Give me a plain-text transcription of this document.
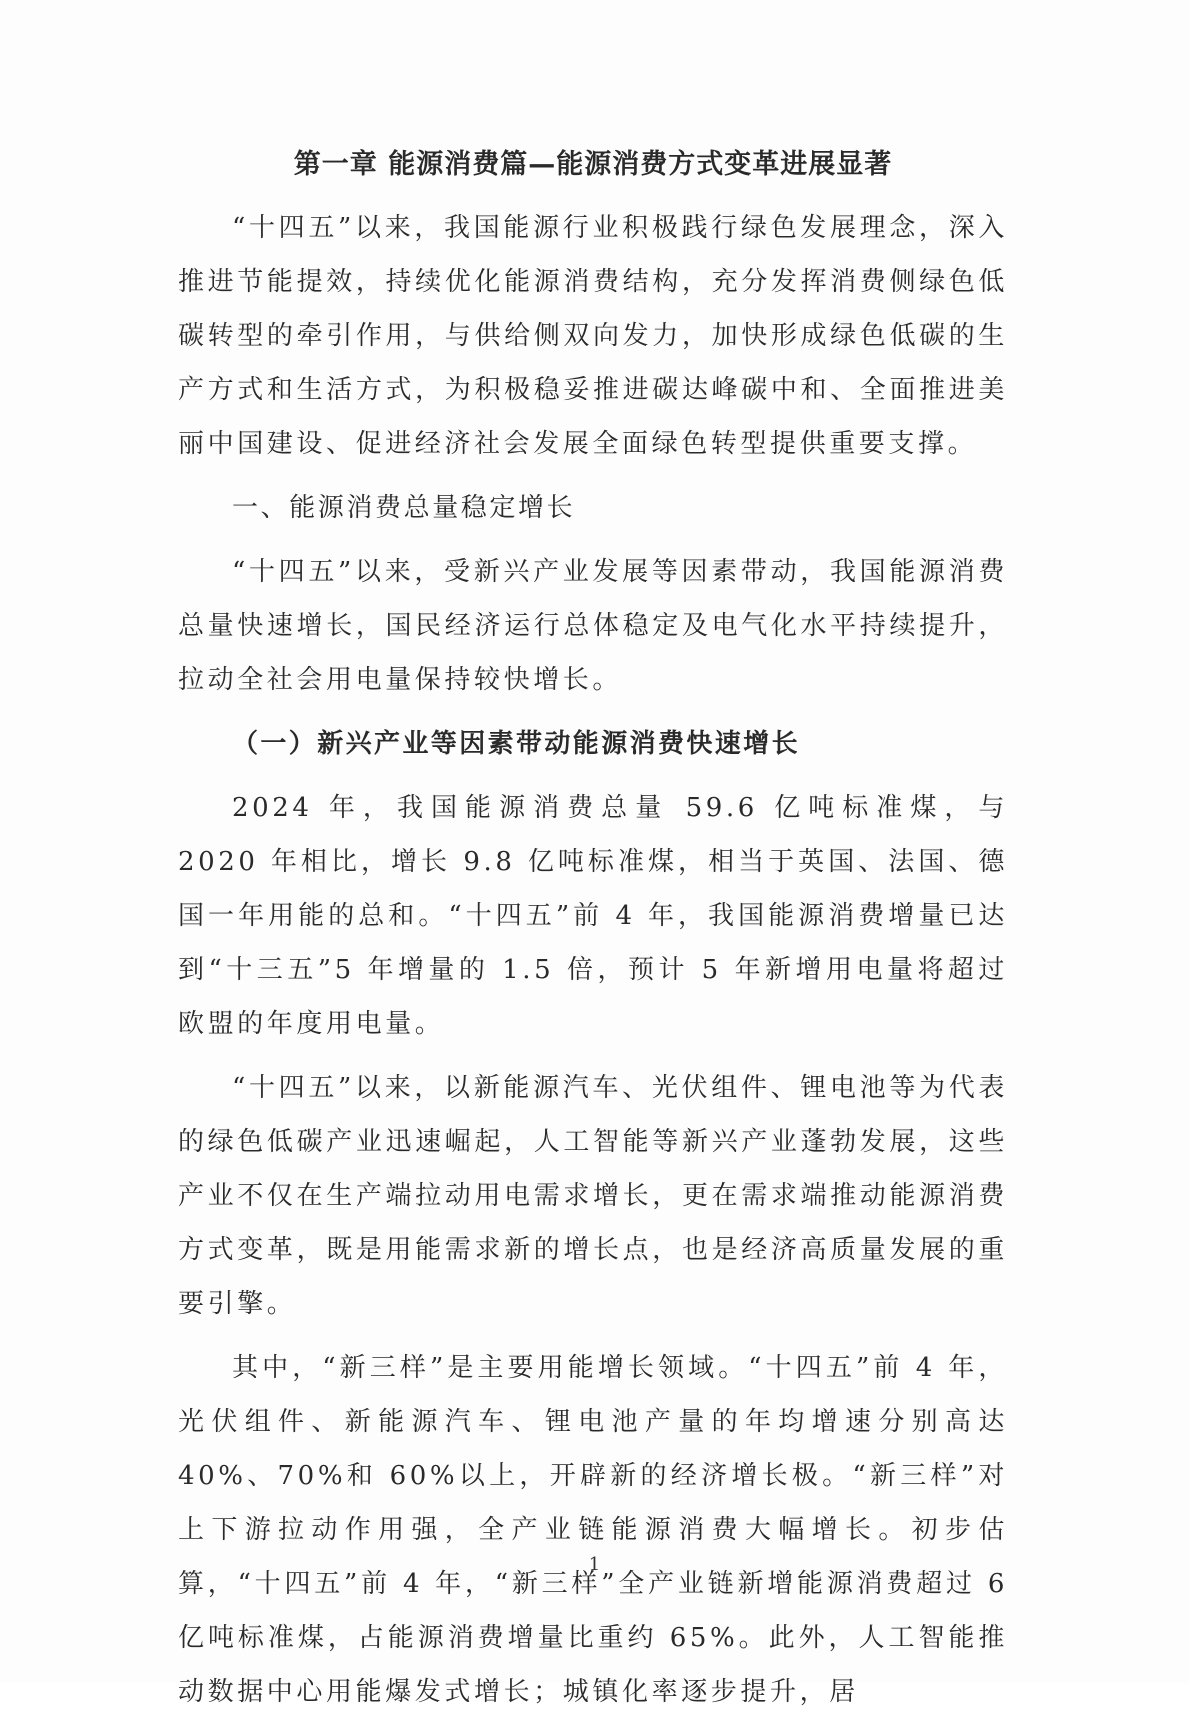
第一章 能源消费篇—能源消费方式变革进展显著

“十四五”以来，我国能源行业积极践行绿色发展理念，深入推进节能提效，持续优化能源消费结构，充分发挥消费侧绿色低碳转型的牵引作用，与供给侧双向发力，加快形成绿色低碳的生产方式和生活方式，为积极稳妥推进碳达峰碳中和、全面推进美丽中国建设、促进经济社会发展全面绿色转型提供重要支撑。

一、能源消费总量稳定增长

“十四五”以来，受新兴产业发展等因素带动，我国能源消费总量快速增长，国民经济运行总体稳定及电气化水平持续提升，拉动全社会用电量保持较快增长。

（一）新兴产业等因素带动能源消费快速增长

2024 年，我国能源消费总量 59.6 亿吨标准煤，与 2020 年相比，增长 9.8 亿吨标准煤，相当于英国、法国、德国一年用能的总和。“十四五”前 4 年，我国能源消费增量已达到“十三五”5 年增量的 1.5 倍，预计 5 年新增用电量将超过欧盟的年度用电量。

“十四五”以来，以新能源汽车、光伏组件、锂电池等为代表的绿色低碳产业迅速崛起，人工智能等新兴产业蓬勃发展，这些产业不仅在生产端拉动用电需求增长，更在需求端推动能源消费方式变革，既是用能需求新的增长点，也是经济高质量发展的重要引擎。

其中，“新三样”是主要用能增长领域。“十四五”前 4 年，光伏组件、新能源汽车、锂电池产量的年均增速分别高达 40%、70%和 60%以上，开辟新的经济增长极。“新三样”对上下游拉动作用强，全产业链能源消费大幅增长。初步估算，“十四五”前 4 年，“新三样”全产业链新增能源消费超过 6 亿吨标准煤，占能源消费增量比重约 65%。此外，人工智能推动数据中心用能爆发式增长；城镇化率逐步提升，居

1
